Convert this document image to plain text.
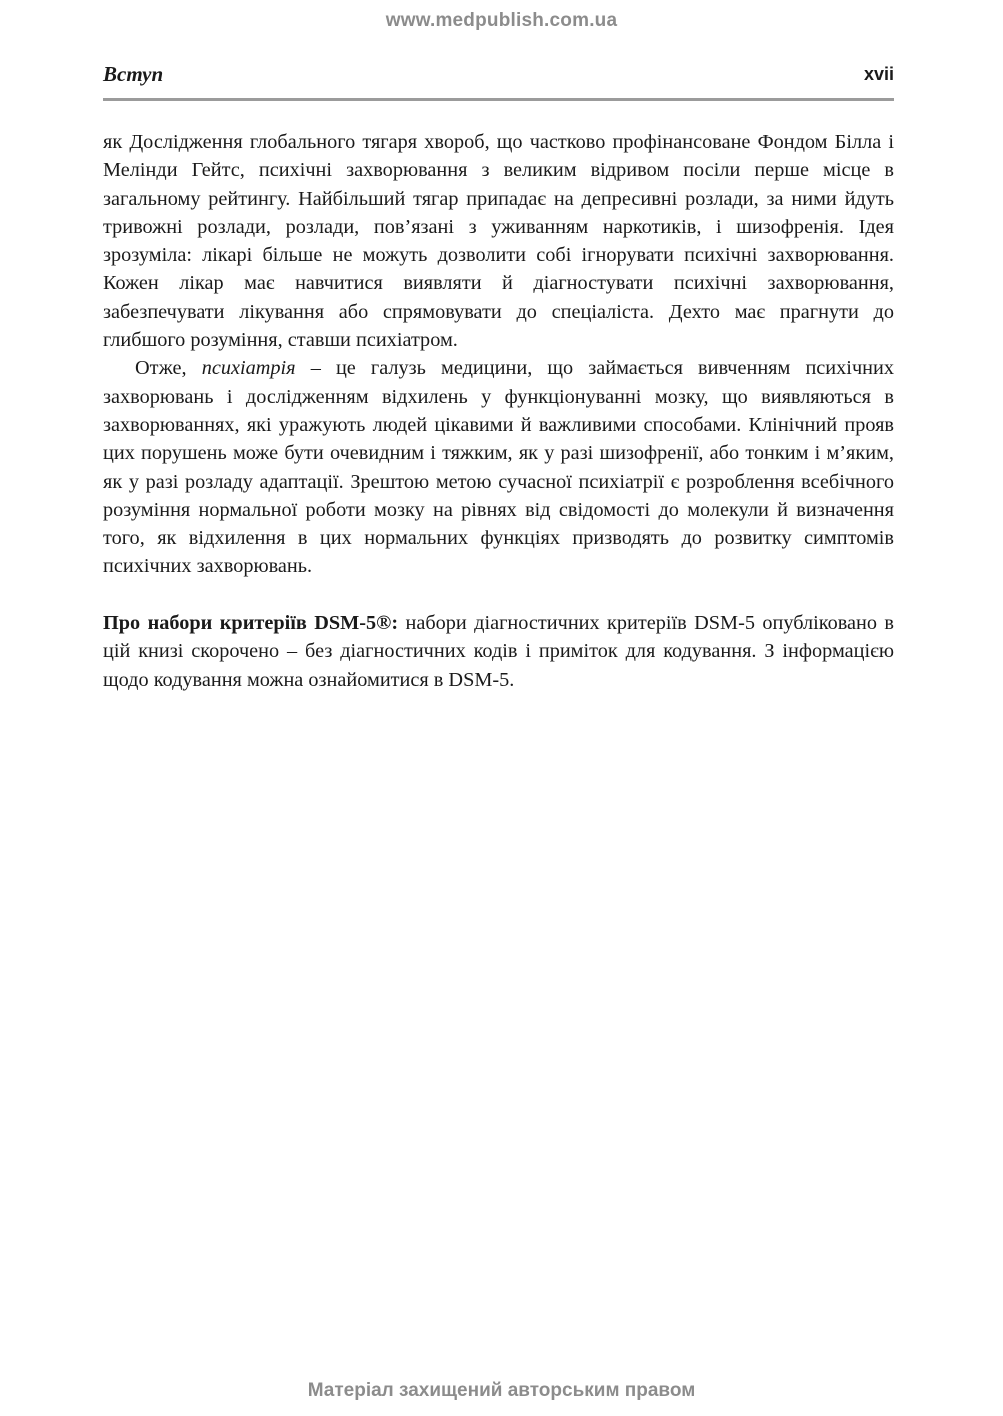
www.medpublish.com.ua
Вступ	xvii

як Дослідження глобального тягаря хвороб, що частково профінансоване Фондом Білла і Мелінди Гейтс, психічні захворювання з великим відривом посіли перше місце в загальному рейтингу. Найбільший тягар припадає на депресивні розлади, за ними йдуть тривожні розлади, розлади, пов’язані з уживанням наркотиків, і шизофренія. Ідея зрозуміла: лікарі більше не можуть дозволити собі ігнорувати психічні захворювання. Кожен лікар має навчитися виявляти й діагностувати психічні захворювання, забезпечувати лікування або спрямовувати до спеціаліста. Дехто має прагнути до глибшого розуміння, ставши психіатром.

Отже, психіатрія – це галузь медицини, що займається вивченням психічних захворювань і дослідженням відхилень у функціонуванні мозку, що виявляються в захворюваннях, які уражують людей цікавими й важливими способами. Клінічний прояв цих порушень може бути очевидним і тяжким, як у разі шизофренії, або тонким і м’яким, як у разі розладу адаптації. Зрештою метою сучасної психіатрії є розроблення всебічного розуміння нормальної роботи мозку на рівнях від свідомості до молекули й визначення того, як відхилення в цих нормальних функціях призводять до розвитку симптомів психічних захворювань.

Про набори критеріїв DSM-5®: набори діагностичних критеріїв DSM-5 опубліковано в цій книзі скорочено – без діагностичних кодів і приміток для кодування. З інформацією щодо кодування можна ознайомитися в DSM-5.

Матеріал захищений авторським правом
